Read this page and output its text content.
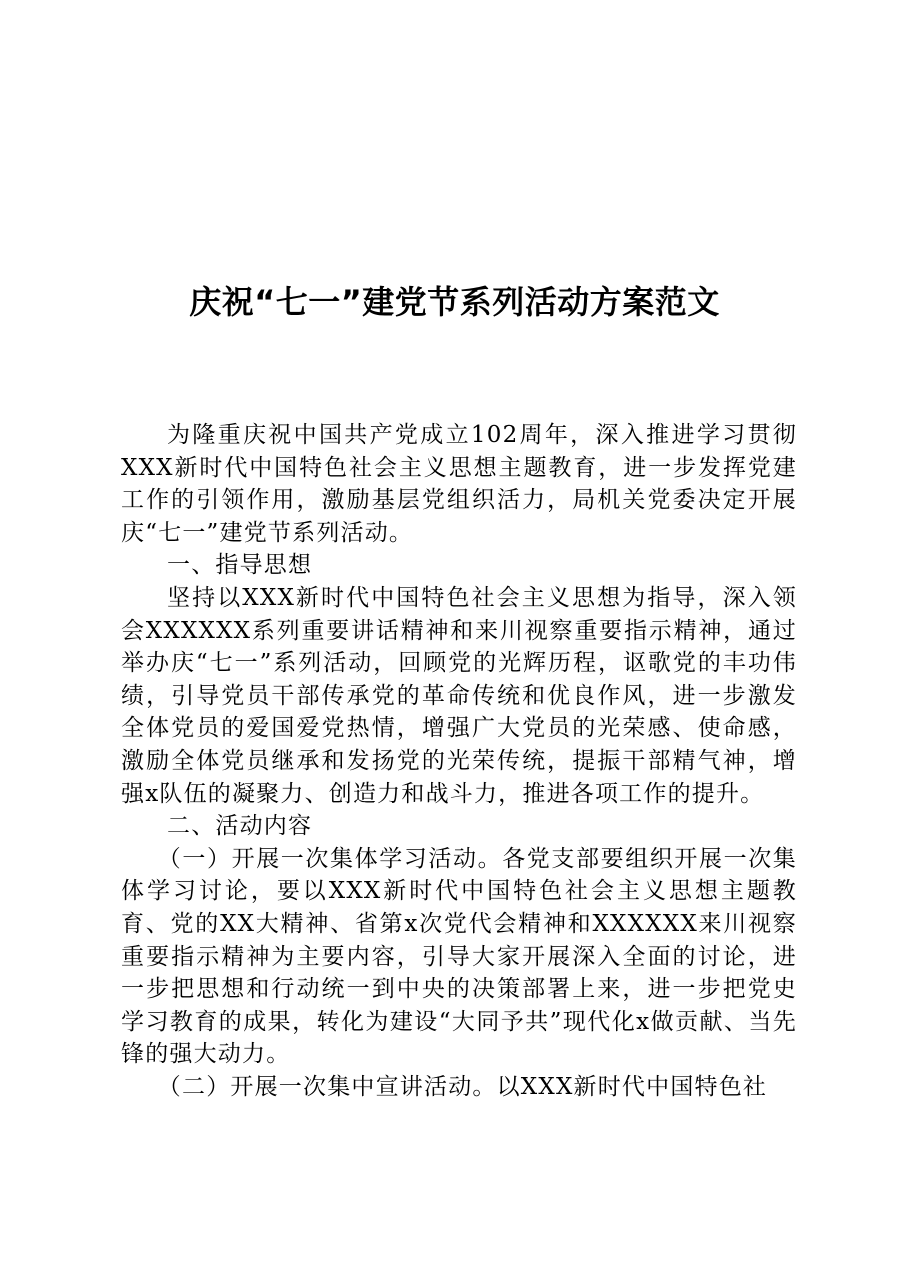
庆祝“七一”建党节系列活动方案范文

为隆重庆祝中国共产党成立102周年，深入推进学习贯彻XXX新时代中国特色社会主义思想主题教育，进一步发挥党建工作的引领作用，激励基层党组织活力，局机关党委决定开展庆“七一”建党节系列活动。

一、指导思想

坚持以XXX新时代中国特色社会主义思想为指导，深入领会XXXXXX系列重要讲话精神和来川视察重要指示精神，通过举办庆“七一”系列活动，回顾党的光辉历程，讴歌党的丰功伟绩，引导党员干部传承党的革命传统和优良作风，进一步激发全体党员的爱国爱党热情，增强广大党员的光荣感、使命感，激励全体党员继承和发扬党的光荣传统，提振干部精气神，增强x队伍的凝聚力、创造力和战斗力，推进各项工作的提升。

二、活动内容

（一）开展一次集体学习活动。各党支部要组织开展一次集体学习讨论，要以XXX新时代中国特色社会主义思想主题教育、党的XX大精神、省第x次党代会精神和XXXXXX来川视察重要指示精神为主要内容，引导大家开展深入全面的讨论，进一步把思想和行动统一到中央的决策部署上来，进一步把党史学习教育的成果，转化为建设“大同予共”现代化x做贡献、当先锋的强大动力。

（二）开展一次集中宣讲活动。以XXX新时代中国特色社
